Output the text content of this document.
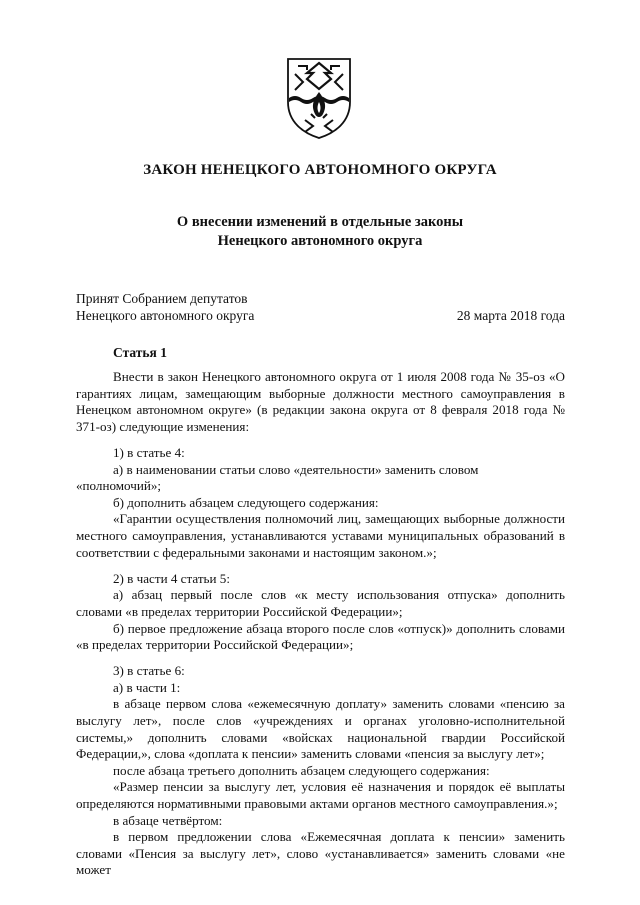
ЗАКОН НЕНЕЦКОГО АВТОНОМНОГО ОКРУГА
О внесении изменений в отдельные законы
Ненецкого автономного округа
Принят Собранием депутатов
Ненецкого автономного округа	28 марта 2018 года
Статья 1

Внести в закон Ненецкого автономного округа от 1 июля 2008 года № 35-оз «О гарантиях лицам, замещающим выборные должности местного самоуправления в Ненецком автономном округе» (в редакции закона округа от 8 февраля 2018 года № 371-оз) следующие изменения:

1) в статье 4:

а) в наименовании статьи слово «деятельности» заменить словом «полномочий»;

б) дополнить абзацем следующего содержания:

«Гарантии осуществления полномочий лиц, замещающих выборные должности местного самоуправления, устанавливаются уставами муниципальных образований в соответствии с федеральными законами и настоящим законом.»;

2) в части 4 статьи 5:

а) абзац первый после слов «к месту использования отпуска» дополнить словами «в пределах территории Российской Федерации»;

б) первое предложение абзаца второго после слов «отпуск)» дополнить словами «в пределах территории Российской Федерации»;

3) в статье 6:

а) в части 1:

в абзаце первом слова «ежемесячную доплату» заменить словами «пенсию за выслугу лет», после слов «учреждениях и органах уголовно-исполнительной системы,» дополнить словами «войсках национальной гвардии Российской Федерации,», слова «доплата к пенсии» заменить словами «пенсия за выслугу лет»;

после абзаца третьего дополнить абзацем следующего содержания:

«Размер пенсии за выслугу лет, условия её назначения и порядок её выплаты определяются нормативными правовыми актами органов местного самоуправления.»;

в абзаце четвёртом:

в первом предложении слова «Ежемесячная доплата к пенсии» заменить словами «Пенсия за выслугу лет», слово «устанавливается» заменить словами «не может
